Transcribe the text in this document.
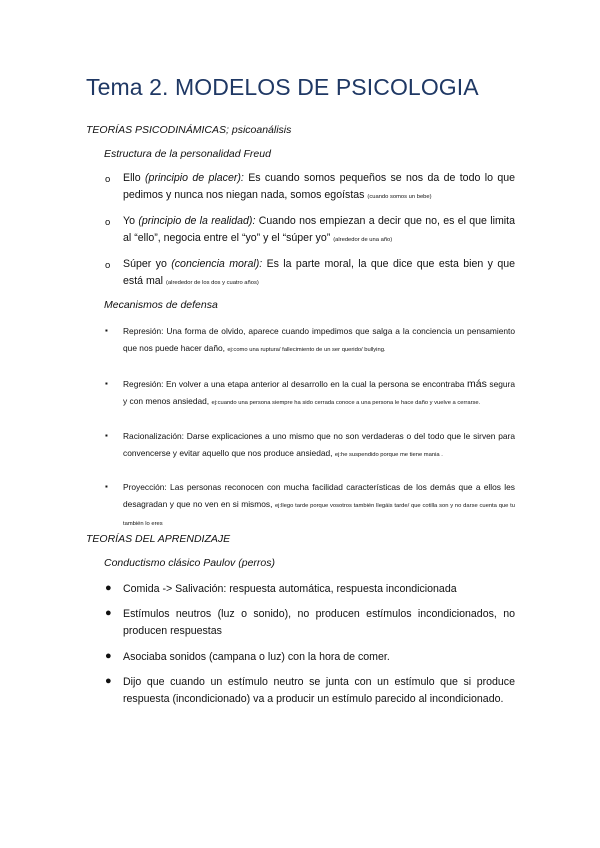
Tema 2. MODELOS DE PSICOLOGIA
TEORÍAS PSICODINÁMICAS; psicoanálisis
Estructura de la personalidad Freud
o Ello (principio de placer): Es cuando somos pequeños se nos da de todo lo que pedimos y nunca nos niegan nada, somos egoístas (cuando somos un bebe)
o Yo (principio de la realidad): Cuando nos empiezan a decir que no, es el que limita al “ello”, negocia entre el “yo” y el “súper yo” (alrededor de una año)
o Súper yo (conciencia moral): Es la parte moral, la que dice que esta bien y que está mal (alrededor de los dos y cuatro años)
Mecanismos de defensa
▪ Represión: Una forma de olvido, aparece cuando impedimos que salga a la conciencia un pensamiento que nos puede hacer daño, ej:como una ruptura/ fallecimiento de un ser querido/ bullying.
▪ Regresión: En volver a una etapa anterior al desarrollo en la cual la persona se encontraba más segura y con menos ansiedad, ej:cuando una persona siempre ha sido cerrada conoce a una persona le hace daño y vuelve a cerrarse.
▪ Racionalización: Darse explicaciones a uno mismo que no son verdaderas o del todo que le sirven para convencerse y evitar aquello que nos produce ansiedad, ej:he suspendido porque me tiene mania .
▪ Proyección: Las personas reconocen con mucha facilidad características de los demás que a ellos les desagradan y que no ven en si mismos, ej:llego tarde porque vosotros también llegáis tarde/ que cotilla son y no darse cuenta que tu también lo eres
TEORÍAS DEL APRENDIZAJE
Conductismo clásico Paulov (perros)
● Comida -> Salivación: respuesta automática, respuesta incondicionada
● Estímulos neutros (luz o sonido), no producen estímulos incondicionados, no producen respuestas
● Asociaba sonidos (campana o luz) con la hora de comer.
● Dijo que cuando un estímulo neutro se junta con un estímulo que si produce respuesta (incondicionado) va a producir un estímulo parecido al incondicionado.
